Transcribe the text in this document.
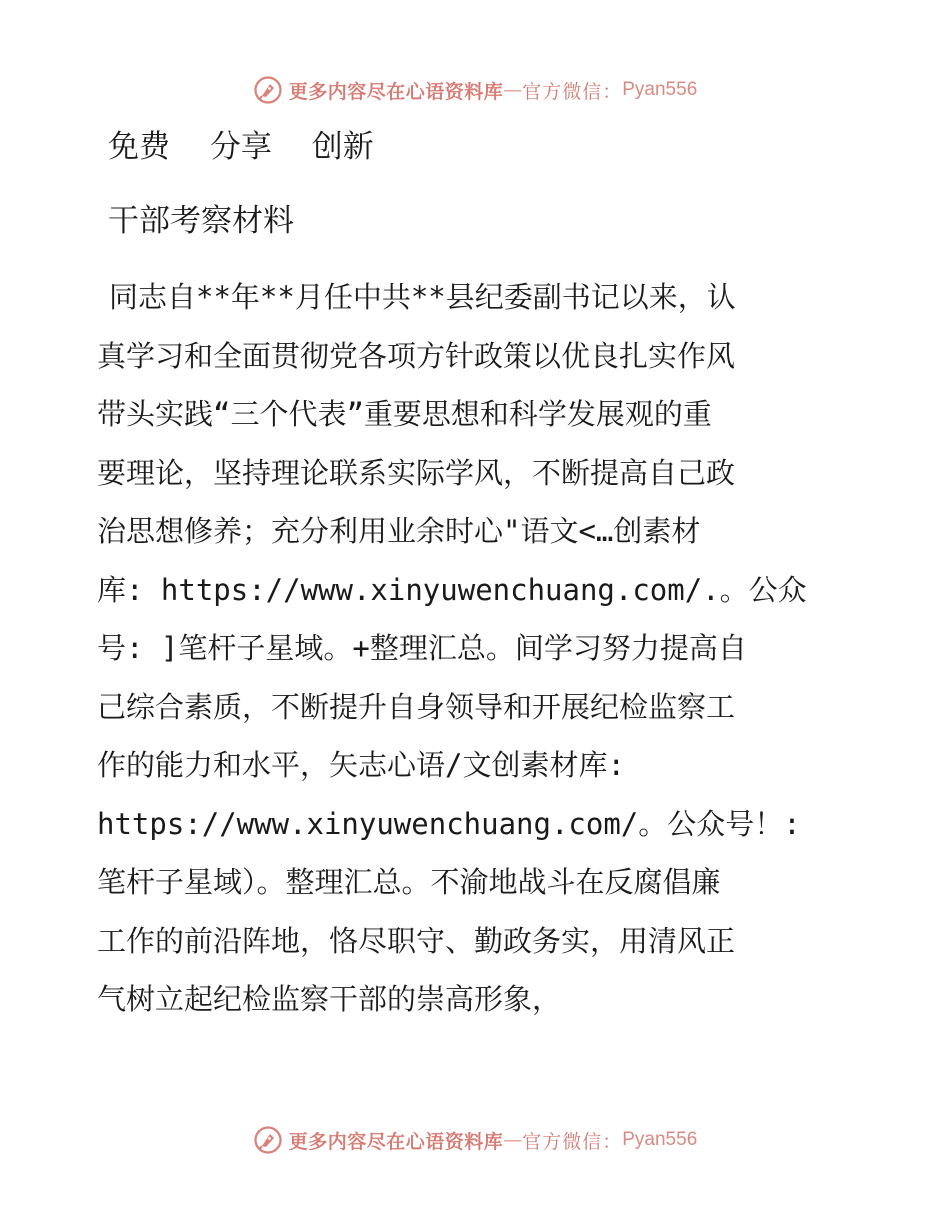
更多内容尽在心语资料库 — 官方微信： Pyan556
免费 分享 创新
干部考察材料
同志自**年**月任中共**县纪委副书记以来，认
真学习和全面贯彻党各项方针政策以优良扎实作风
带头实践“三个代表”重要思想和科学发展观的重
要理论，坚持理论联系实际学风，不断提高自己政
治思想修养；充分利用业余时心"语文<…创素材
库: https://www.xinyuwenchuang.com/.。公众
号: ]笔杆子星域。+整理汇总。间学习努力提高自
己综合素质，不断提升自身领导和开展纪检监察工
作的能力和水平，矢志心语/文创素材库:
https://www.xinyuwenchuang.com/。公众号！:
笔杆子星域）。整理汇总。不渝地战斗在反腐倡廉
工作的前沿阵地，恪尽职守、勤政务实，用清风正
气树立起纪检监察干部的崇高形象，
更多内容尽在心语资料库 — 官方微信： Pyan556
